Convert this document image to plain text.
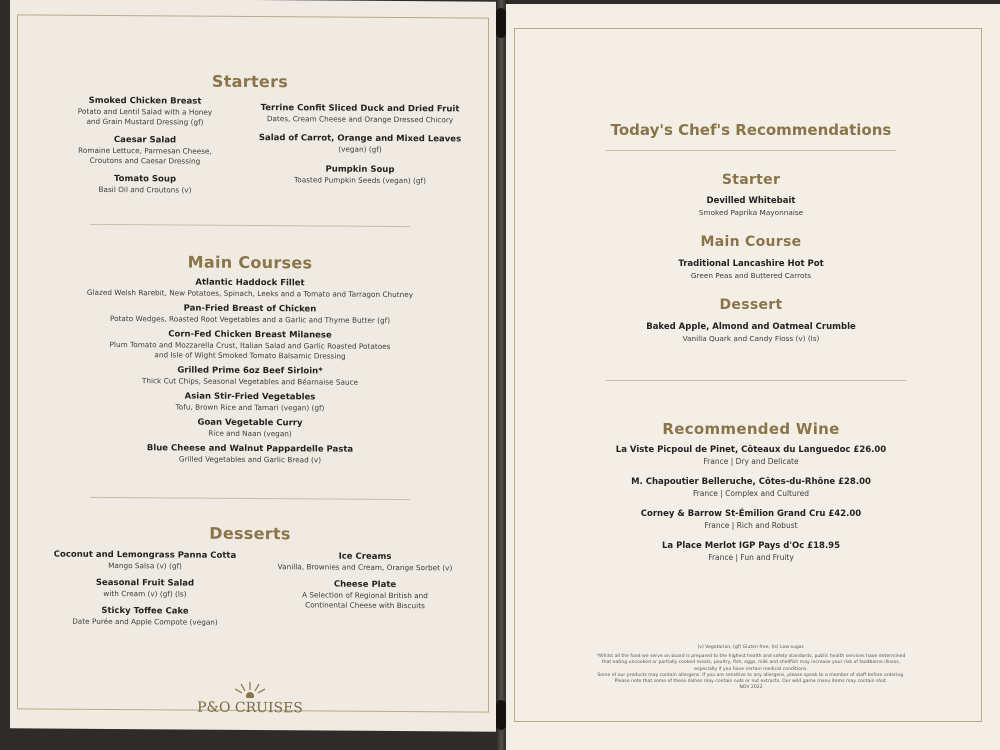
Starters
Smoked Chicken Breast
Potato and Lentil Salad with a Honey
and Grain Mustard Dressing (gf)
Caesar Salad
Romaine Lettuce, Parmesan Cheese,
Croutons and Caesar Dressing
Tomato Soup
Basil Oil and Croutons (v)
Terrine Confit Sliced Duck and Dried Fruit
Dates, Cream Cheese and Orange Dressed Chicory
Salad of Carrot, Orange and Mixed Leaves (vegan) (gf)
Pumpkin Soup
Toasted Pumpkin Seeds (vegan) (gf)
Main Courses
Atlantic Haddock Fillet
Glazed Welsh Rarebit, New Potatoes, Spinach, Leeks and a Tomato and Tarragon Chutney
Pan-Fried Breast of Chicken
Potato Wedges, Roasted Root Vegetables and a Garlic and Thyme Butter (gf)
Corn-Fed Chicken Breast Milanese
Plum Tomato and Mozzarella Crust, Italian Salad and Garlic Roasted Potatoes
and Isle of Wight Smoked Tomato Balsamic Dressing
Grilled Prime 6oz Beef Sirloin*
Thick Cut Chips, Seasonal Vegetables and Béarnaise Sauce
Asian Stir-Fried Vegetables
Tofu, Brown Rice and Tamari (vegan) (gf)
Goan Vegetable Curry
Rice and Naan (vegan)
Blue Cheese and Walnut Pappardelle Pasta
Grilled Vegetables and Garlic Bread (v)
Desserts
Coconut and Lemongrass Panna Cotta
Mango Salsa (v) (gf)
Seasonal Fruit Salad
with Cream (v) (gf) (ls)
Sticky Toffee Cake
Date Purée and Apple Compote (vegan)
Ice Creams
Vanilla, Brownies and Cream, Orange Sorbet (v)
Cheese Plate
A Selection of Regional British and
Continental Cheese with Biscuits
P&O CRUISES
Today's Chef's Recommendations
Starter
Devilled Whitebait
Smoked Paprika Mayonnaise
Main Course
Traditional Lancashire Hot Pot
Green Peas and Buttered Carrots
Dessert
Baked Apple, Almond and Oatmeal Crumble
Vanilla Quark and Candy Floss (v) (ls)
Recommended Wine
La Viste Picpoul de Pinet, Côteaux du Languedoc £26.00
France | Dry and Delicate
M. Chapoutier Belleruche, Côtes-du-Rhône £28.00
France | Complex and Cultured
Corney & Barrow St-Émilion Grand Cru £42.00
France | Rich and Robust
La Place Merlot IGP Pays d'Oc £18.95
France | Fun and Fruity
(v) Vegetarian, (gf) Gluten free, (ls) Low sugar.
*Whilst all the food we serve on board is prepared to the highest health and safety standards, public health services have determined
that eating uncooked or partially cooked meats, poultry, fish, eggs, milk and shellfish may increase your risk of foodborne illness,
especially if you have certain medical conditions.
Some of our products may contain allergens. If you are sensitive to any allergens, please speak to a member of staff before ordering.
Please note that some of these dishes may contain nuts or nut extracts. Our wild game menu items may contain shot.
NOV 2022
